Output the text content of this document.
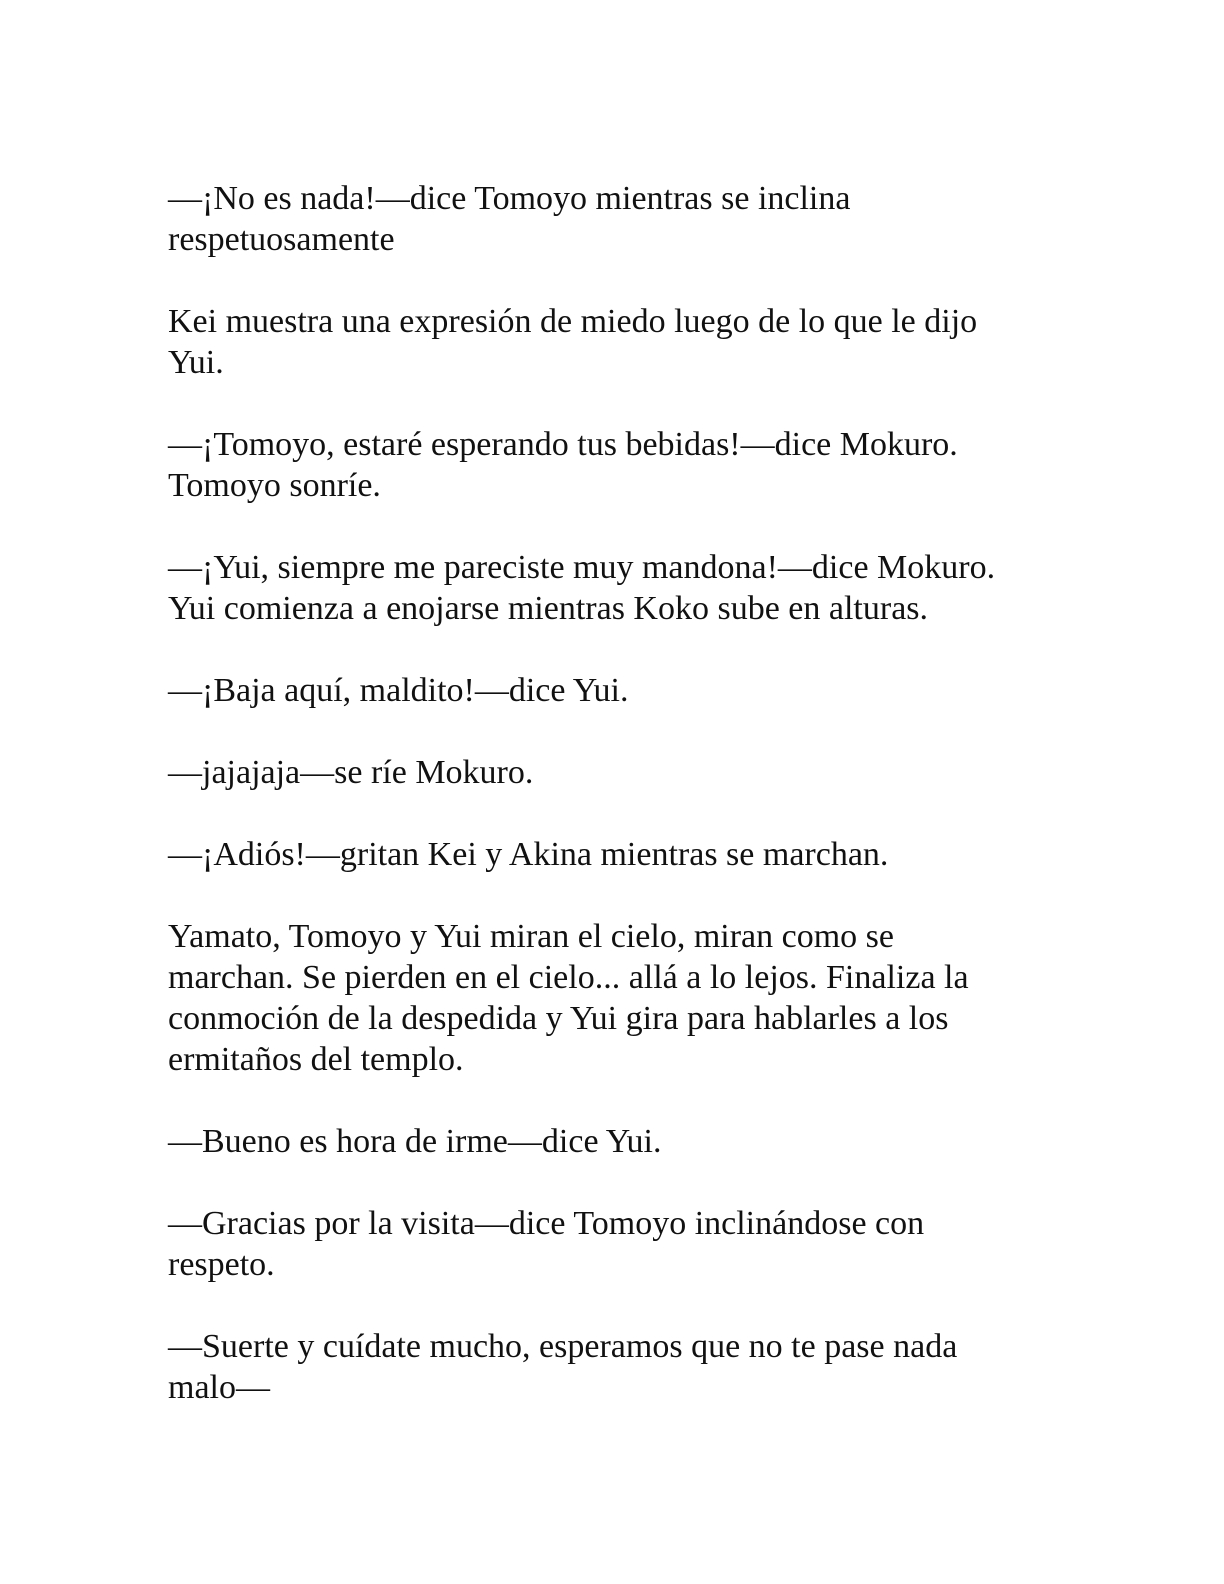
—¡No es nada!—dice Tomoyo mientras se inclina
respetuosamente

Kei muestra una expresión de miedo luego de lo que le dijo
Yui.

—¡Tomoyo, estaré esperando tus bebidas!—dice Mokuro.
Tomoyo sonríe.

—¡Yui, siempre me pareciste muy mandona!—dice Mokuro.
Yui comienza a enojarse mientras Koko sube en alturas.

—¡Baja aquí, maldito!—dice Yui.

—jajajaja—se ríe Mokuro.

—¡Adiós!—gritan Kei y Akina mientras se marchan.

Yamato, Tomoyo y Yui miran el cielo, miran como se
marchan. Se pierden en el cielo... allá a lo lejos. Finaliza la
conmoción de la despedida y Yui gira para hablarles a los
ermitaños del templo.

—Bueno es hora de irme—dice Yui.

—Gracias por la visita—dice Tomoyo inclinándose con
respeto.

—Suerte y cuídate mucho, esperamos que no te pase nada
malo—
